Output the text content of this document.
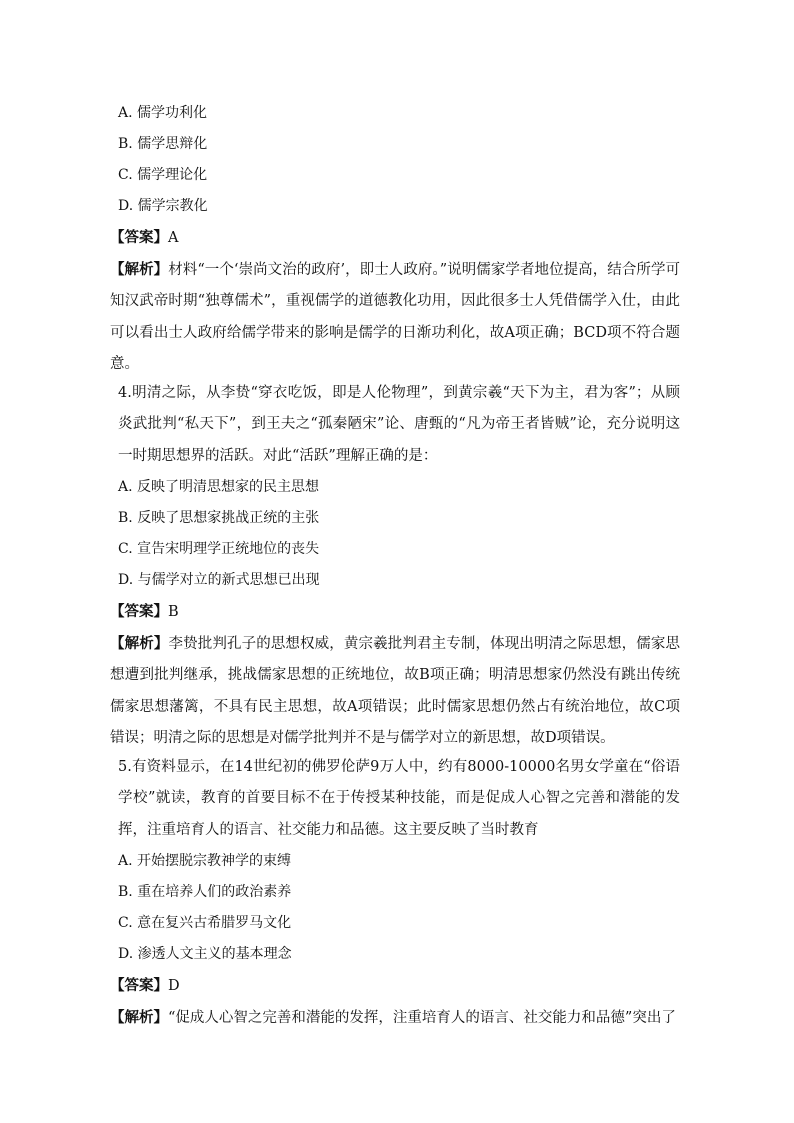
A. 儒学功利化
B. 儒学思辩化
C. 儒学理论化
D. 儒学宗教化
【答案】A
【解析】材料“一个‘崇尚文治的政府’，即士人政府。”说明儒家学者地位提高，结合所学可知汉武帝时期“独尊儒术”，重视儒学的道德教化功用，因此很多士人凭借儒学入仕，由此可以看出士人政府给儒学带来的影响是儒学的日渐功利化，故A项正确；BCD项不符合题意。
4.明清之际，从李贽“穿衣吃饭，即是人伦物理”，到黄宗羲“天下为主，君为客”；从顾炎武批判“私天下”，到王夫之“孤秦陋宋”论、唐甄的“凡为帝王者皆贼”论，充分说明这一时期思想界的活跃。对此“活跃”理解正确的是：
A. 反映了明清思想家的民主思想
B. 反映了思想家挑战正统的主张
C. 宣告宋明理学正统地位的丧失
D. 与儒学对立的新式思想已出现
【答案】B
【解析】李贽批判孔子的思想权威，黄宗羲批判君主专制，体现出明清之际思想，儒家思想遭到批判继承，挑战儒家思想的正统地位，故B项正确；明清思想家仍然没有跳出传统儒家思想藩篱，不具有民主思想，故A项错误；此时儒家思想仍然占有统治地位，故C项错误；明清之际的思想是对儒学批判并不是与儒学对立的新思想，故D项错误。
5.有资料显示，在14世纪初的佛罗伦萨9万人中，约有8000-10000名男女学童在“俗语学校”就读，教育的首要目标不在于传授某种技能，而是促成人心智之完善和潜能的发挥，注重培育人的语言、社交能力和品德。这主要反映了当时教育
A. 开始摆脱宗教神学的束缚
B. 重在培养人们的政治素养
C. 意在复兴古希腊罗马文化
D. 渗透人文主义的基本理念
【答案】D
【解析】“促成人心智之完善和潜能的发挥，注重培育人的语言、社交能力和品德”突出了
